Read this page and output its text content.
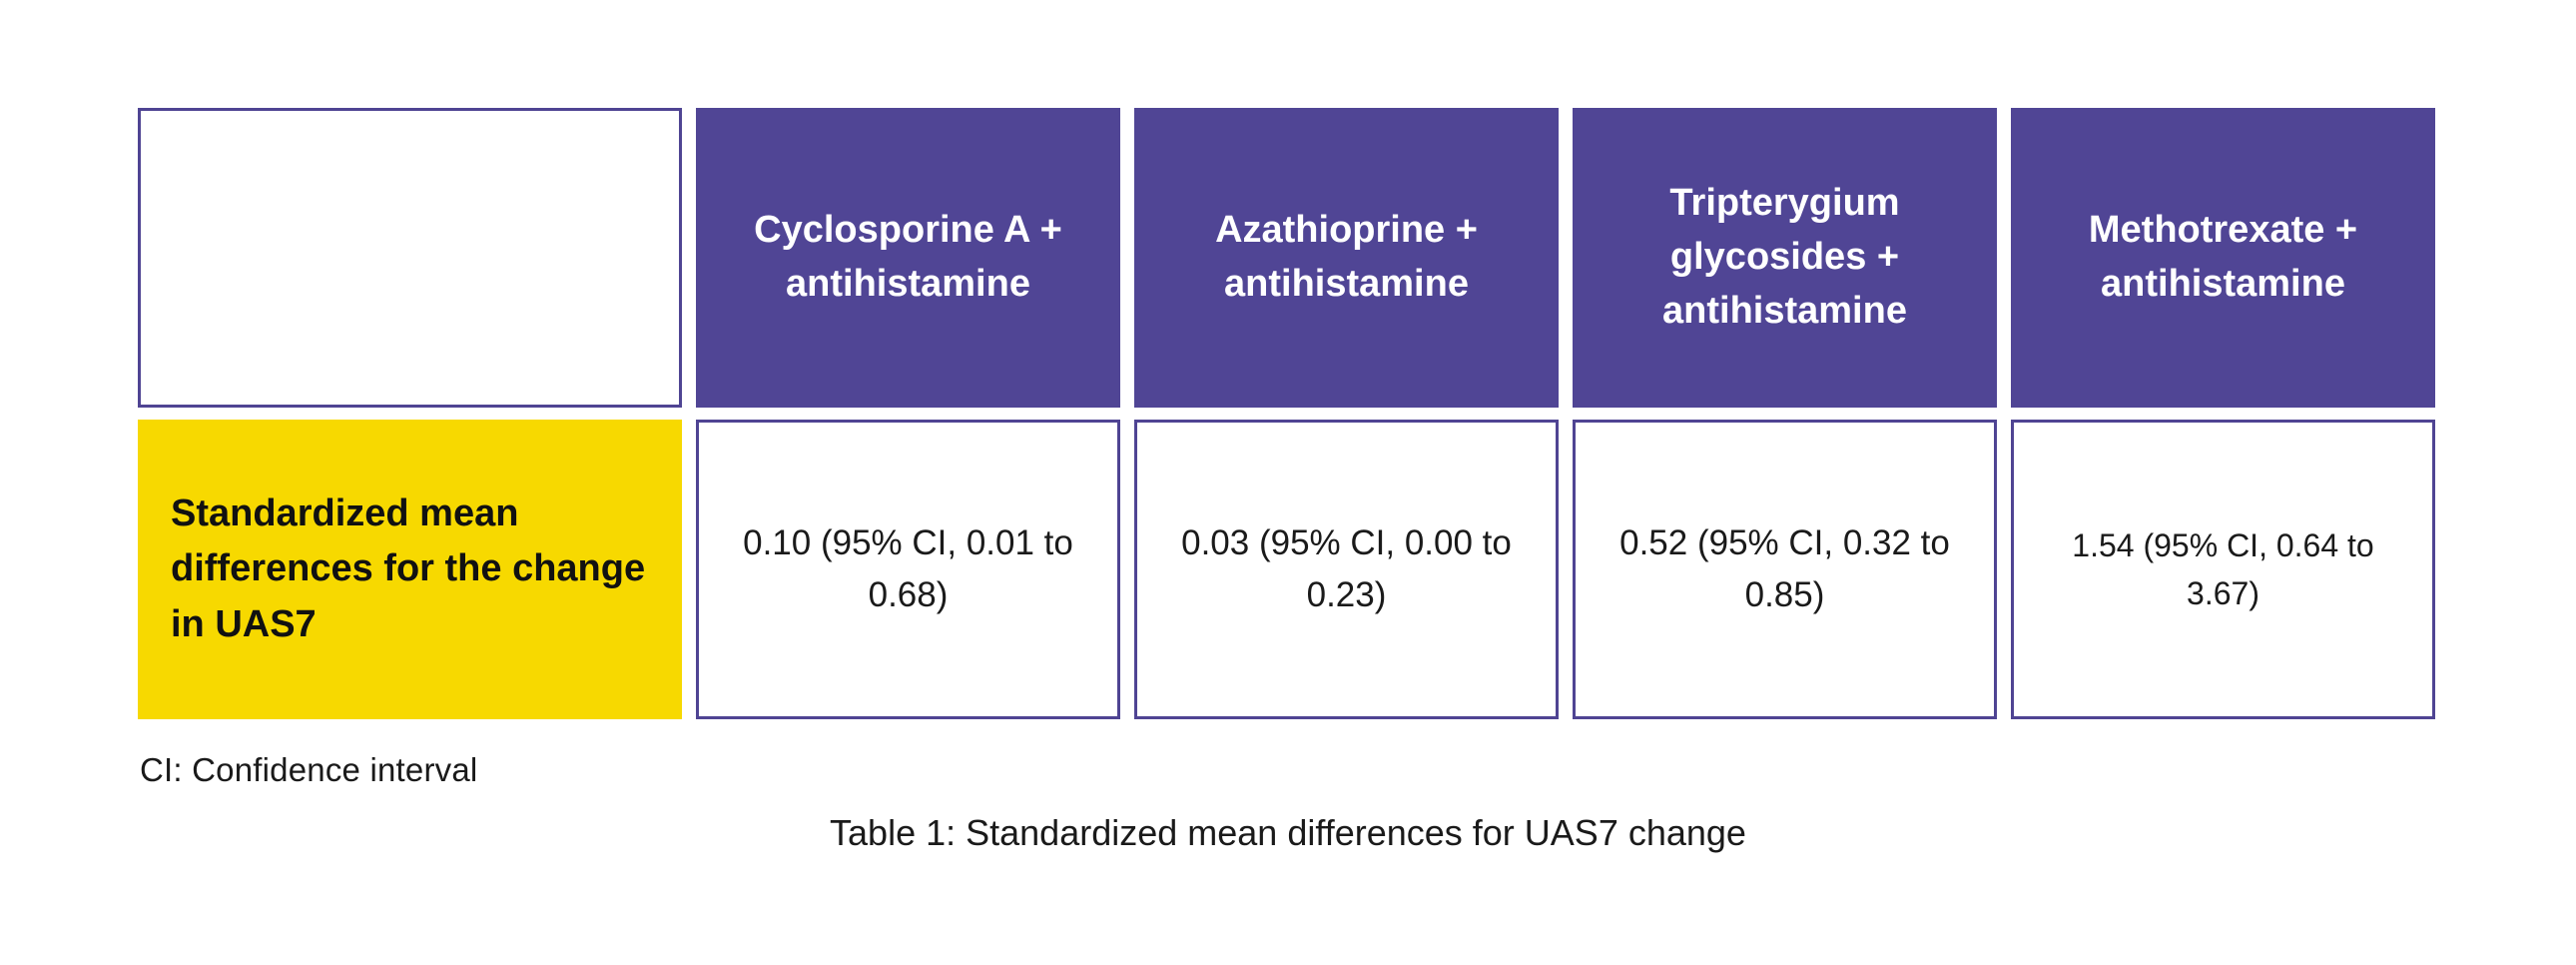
	Cyclosporine A + antihistamine	Azathioprine + antihistamine	Tripterygium glycosides + antihistamine	Methotrexate + antihistamine
Standardized mean differences for the change in UAS7	0.10 (95% CI, 0.01 to 0.68)	0.03 (95% CI, 0.00 to 0.23)	0.52 (95% CI, 0.32 to 0.85)	1.54 (95% CI, 0.64 to 3.67)
CI: Confidence interval
Table 1: Standardized mean differences for UAS7 change
